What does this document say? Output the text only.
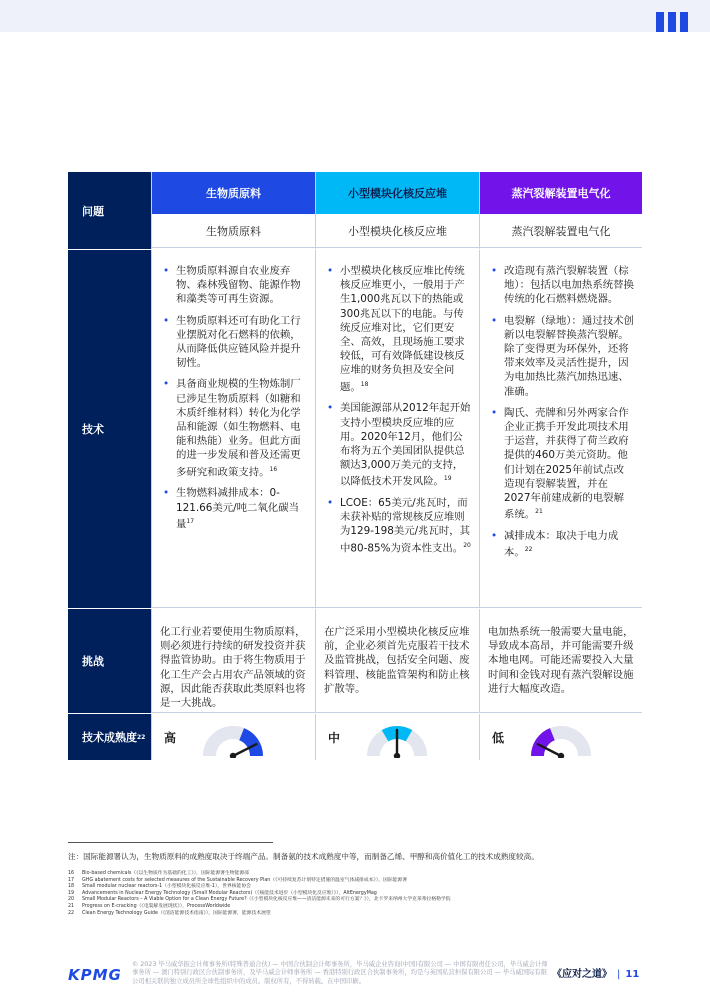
问题
生物质原料
生物质原料
小型模块化核反应堆
小型模块化核反应堆
蒸汽裂解装置电气化
蒸汽裂解装置电气化
技术
• 生物质原料源自农业废弃物、森林残留物、能源作物和藻类等可再生资源。
• 生物质原料还可有助化工行业摆脱对化石燃料的依赖，从而降低供应链风险并提升韧性。
• 具备商业规模的生物炼制厂已涉足生物质原料（如糖和木质纤维材料）转化为化学品和能源（如生物燃料、电能和热能）业务。但此方面的进一步发展和普及还需更多研究和政策支持。$^{16}$
• 生物燃料减排成本：0-121.66美元/吨二氧化碳当量$^{17}$
• 小型模块化核反应堆比传统核反应堆更小，一般用于产生1,000兆瓦以下的热能或300兆瓦以下的电能。与传统反应堆对比，它们更安全、高效，且现场施工要求较低，可有效降低建设核反应堆的财务负担及安全问题。$^{18}$
• 美国能源部从2012年起开始支持小型模块反应堆的应用。2020年12月，他们公布将为五个美国团队提供总额达3,000万美元的支持，以降低技术开发风险。$^{19}$
• LCOE：65美元/兆瓦时，而未获补贴的常规核反应堆则为129-198美元/兆瓦时，其中80-85%为资本性支出。$^{20}$
• 改造现有蒸汽裂解装置（棕地）：包括以电加热系统替换传统的化石燃料燃烧器。
• 电裂解（绿地）：通过技术创新以电裂解替换蒸汽裂解。除了变得更为环保外，还将带来效率及灵活性提升，因为电加热比蒸汽加热迅速、准确。
• 陶氏、壳牌和另外两家合作企业正携手开发此项技术用于运营，并获得了荷兰政府提供的460万美元资助。他们计划在2025年前试点改造现有裂解装置，并在2027年前建成新的电裂解系统。$^{21}$
• 减排成本：取决于电力成本。$^{22}$
挑战
化工行业若要使用生物质原料，则必须进行持续的研发投资并获得监管协助。由于将生物质用于化工生产会占用农产品领域的资源，因此能否获取此类原料也将是一大挑战。
在广泛采用小型模块化核反应堆前，企业必须首先克服若干技术及监管挑战，包括安全问题、废料管理、核能监管架构和防止核扩散等。
电加热系统一般需要大量电能，导致成本高昂，并可能需要升级本地电网。可能还需要投入大量时间和金钱对现有蒸汽裂解设施进行大幅度改造。
技术成熟度 22 高	中	低
注：国际能源署认为，生物质原料的成熟度取决于终端产品。制备氨的技术成熟度中等，而制备乙烯、甲醇和高价值化工的技术成熟度较高。
16 Bio-based chemicals（《以生物质作为基础的化工》），国际能源署生物能源部
17 GHG abatement costs for selected measures of the Sustainable Recovery Plan（《可持续复苏计划特定措施的温室气体减排成本》），国际能源署
18 Small modular nuclear reactors-1（小型模块化核反应堆-1），世界核能协会
19 Advancements in Nuclear Energy Technology (Small Modular Reactors)（《核能技术进步（小型模块化反应堆）》），AltEnergyMag
20 Small Modular Reactors – A Viable Option for a Clean Energy Future?（《小型模块化核反应堆——清洁能源未来的可行方案？》），北卡罗来纳州大学克莱弗拉格勒学院
21 Progress on E-cracking（《电裂解发展现状》），ProcessWorldwide
22 Clean Energy Technology Guide（《清洁能源技术指南》），国际能源署，能源技术展望
KPMG
© 2023 毕马威华振会计师事务所(特殊普通合伙) — 中国合伙制会计师事务所，毕马威企业咨询(中国)有限公司 — 中国有限责任公司，毕马威会计师事务所 — 澳门特别行政区合伙制事务所，及毕马威会计师事务所 — 香港特别行政区合伙制事务所，均是与英国私营担保有限公司 — 毕马威国际有限公司相关联的独立成员所全球性组织中的成员。版权所有，不得转载。在中国印刷。
《应对之道》 | 11
